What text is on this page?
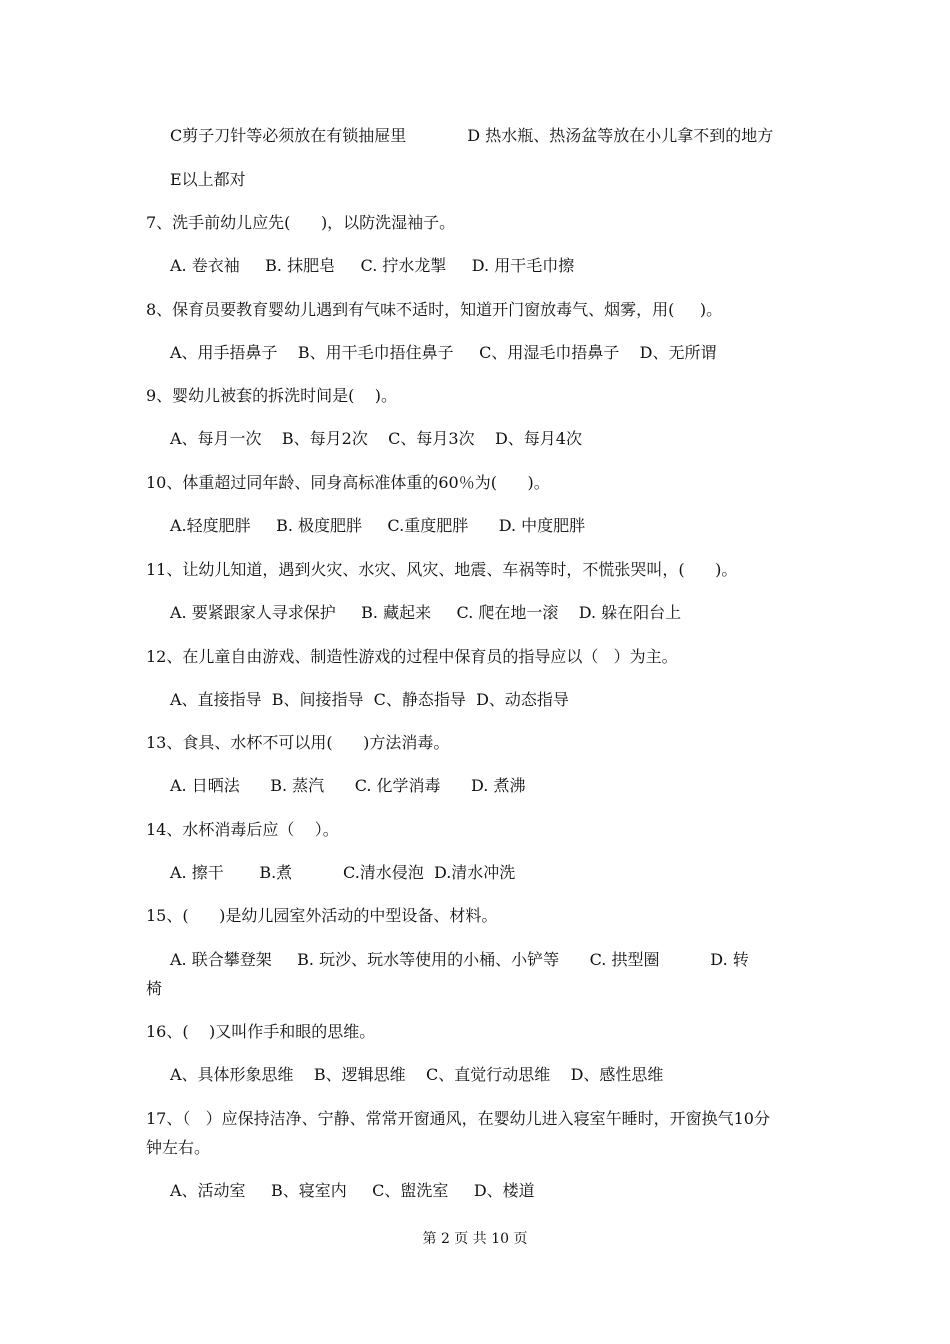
C剪子刀针等必须放在有锁抽屉里            D 热水瓶、热汤盆等放在小儿拿不到的地方

E以上都对

7、洗手前幼儿应先(      )，以防洗湿袖子。

A. 卷衣袖     B. 抹肥皂     C. 拧水龙掣     D. 用干毛巾擦

8、保育员要教育婴幼儿遇到有气味不适时，知道开门窗放毒气、烟雾，用(     )。

A、用手捂鼻子    B、用干毛巾捂住鼻子     C、用湿毛巾捂鼻子    D、无所谓

9、婴幼儿被套的拆洗时间是(    )。

A、每月一次    B、每月2次    C、每月3次    D、每月4次

10、体重超过同年龄、同身高标准体重的60％为(      )。

A.轻度肥胖     B. 极度肥胖     C.重度肥胖      D. 中度肥胖

11、让幼儿知道，遇到火灾、水灾、风灾、地震、车祸等时，不慌张哭叫，(      )。

A. 要紧跟家人寻求保护     B. 藏起来     C. 爬在地一滚    D. 躲在阳台上

12、在儿童自由游戏、制造性游戏的过程中保育员的指导应以（   ）为主。

A、直接指导  B、间接指导  C、静态指导  D、动态指导

13、食具、水杯不可以用(      )方法消毒。

A. 日晒法      B. 蒸汽      C. 化学消毒      D. 煮沸

14、水杯消毒后应（    ）。

A. 擦干       B.煮          C.清水侵泡  D.清水冲洗

15、(      )是幼儿园室外活动的中型设备、材料。

A. 联合攀登架     B. 玩沙、玩水等使用的小桶、小铲等      C. 拱型圈          D. 转

椅

16、(    )又叫作手和眼的思维。

A、具体形象思维    B、逻辑思维    C、直觉行动思维    D、感性思维

17、（   ）应保持洁净、宁静、常常开窗通风，在婴幼儿进入寝室午睡时，开窗换气10分

钟左右。

A、活动室     B、寝室内     C、盥洗室     D、楼道

第 2 页 共 10 页
